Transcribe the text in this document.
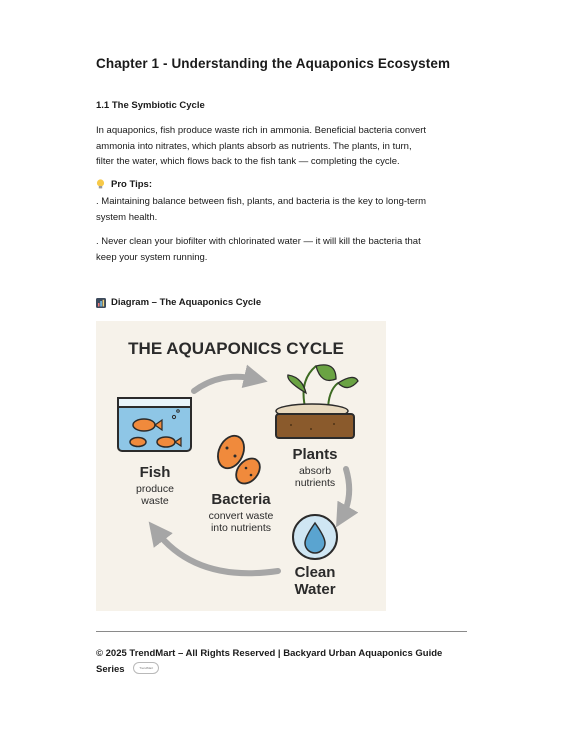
Chapter 1 - Understanding the Aquaponics Ecosystem
1.1 The Symbiotic Cycle

In aquaponics, fish produce waste rich in ammonia. Beneficial bacteria convert
ammonia into nitrates, which plants absorb as nutrients. The plants, in turn,
filter the water, which flows back to the fish tank — completing the cycle.

Pro Tips:

. Maintaining balance between fish, plants, and bacteria is the key to long-term
system health.

. Never clean your biofilter with chlorinated water — it will kill the bacteria that
keep your system running.

Diagram – The Aquaponics Cycle
THE AQUAPONICS CYCLE
Fish
produce
waste
Plants
absorb
nutrients
Bacteria
convert waste
into nutrients
Clean
Water
© 2025 TrendMart – All Rights Reserved | Backyard Urban Aquaponics Guide
Series	TrendMart
